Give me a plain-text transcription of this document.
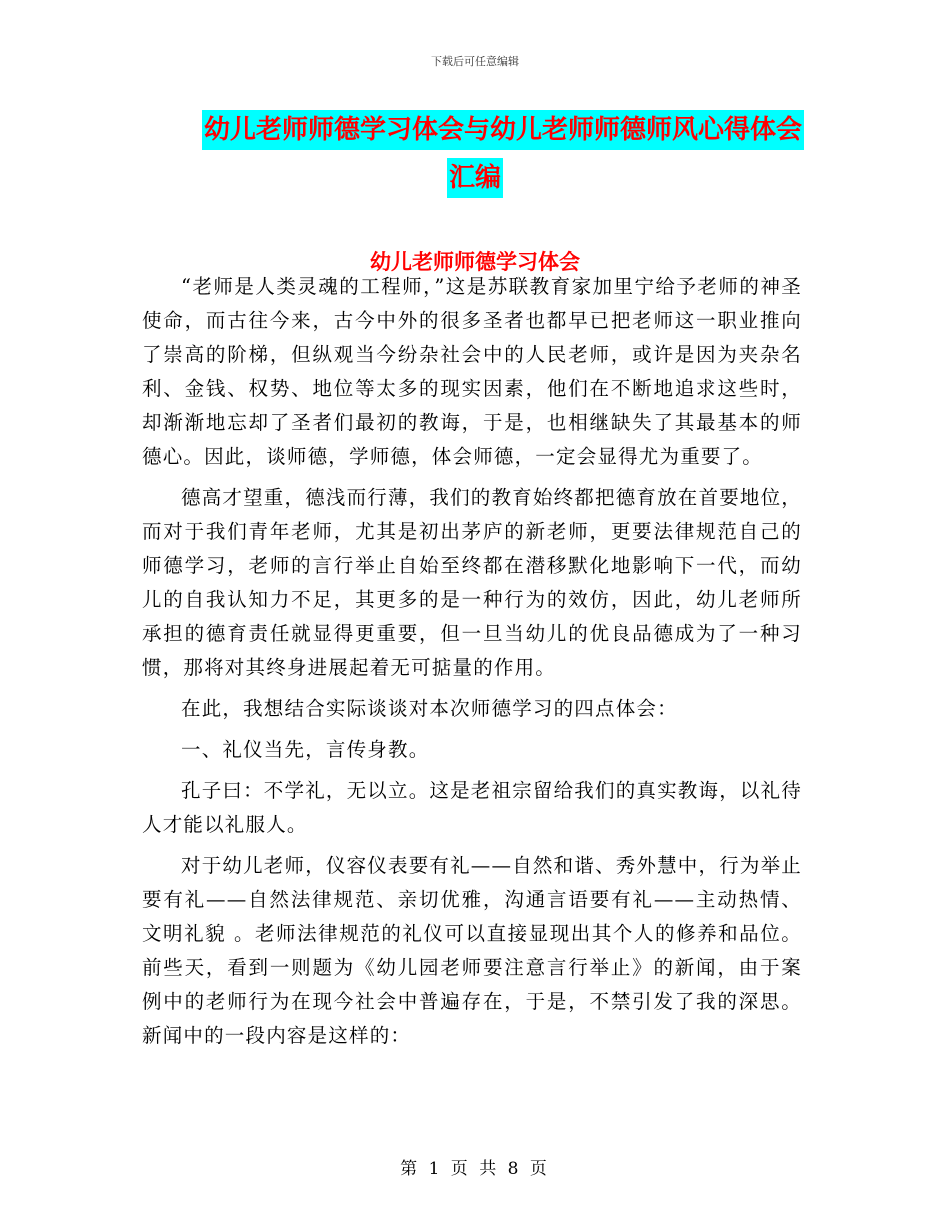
下载后可任意编辑
幼儿老师师德学习体会与幼儿老师师德师风心得体会
汇编
幼儿老师师德学习体会

“老师是人类灵魂的工程师，”这是苏联教育家加里宁给予老师的神圣使命，而古往今来，古今中外的很多圣者也都早已把老师这一职业推向了崇高的阶梯，但纵观当今纷杂社会中的人民老师，或许是因为夹杂名利、金钱、权势、地位等太多的现实因素，他们在不断地追求这些时，却渐渐地忘却了圣者们最初的教诲，于是，也相继缺失了其最基本的师德心。因此，谈师德，学师德，体会师德，一定会显得尤为重要了。

德高才望重，德浅而行薄，我们的教育始终都把德育放在首要地位，而对于我们青年老师，尤其是初出茅庐的新老师，更要法律规范自己的师德学习，老师的言行举止自始至终都在潜移默化地影响下一代，而幼儿的自我认知力不足，其更多的是一种行为的效仿，因此，幼儿老师所承担的德育责任就显得更重要，但一旦当幼儿的优良品德成为了一种习惯，那将对其终身进展起着无可掂量的作用。

在此，我想结合实际谈谈对本次师德学习的四点体会：

一、礼仪当先，言传身教。

孔子曰：不学礼，无以立。这是老祖宗留给我们的真实教诲，以礼待人才能以礼服人。

对于幼儿老师，仪容仪表要有礼——自然和谐、秀外慧中，行为举止要有礼——自然法律规范、亲切优雅，沟通言语要有礼——主动热情、文明礼貌 。老师法律规范的礼仪可以直接显现出其个人的修养和品位。前些天，看到一则题为《幼儿园老师要注意言行举止》的新闻，由于案例中的老师行为在现今社会中普遍存在，于是，不禁引发了我的深思。新闻中的一段内容是这样的：

第 1 页 共 8 页
